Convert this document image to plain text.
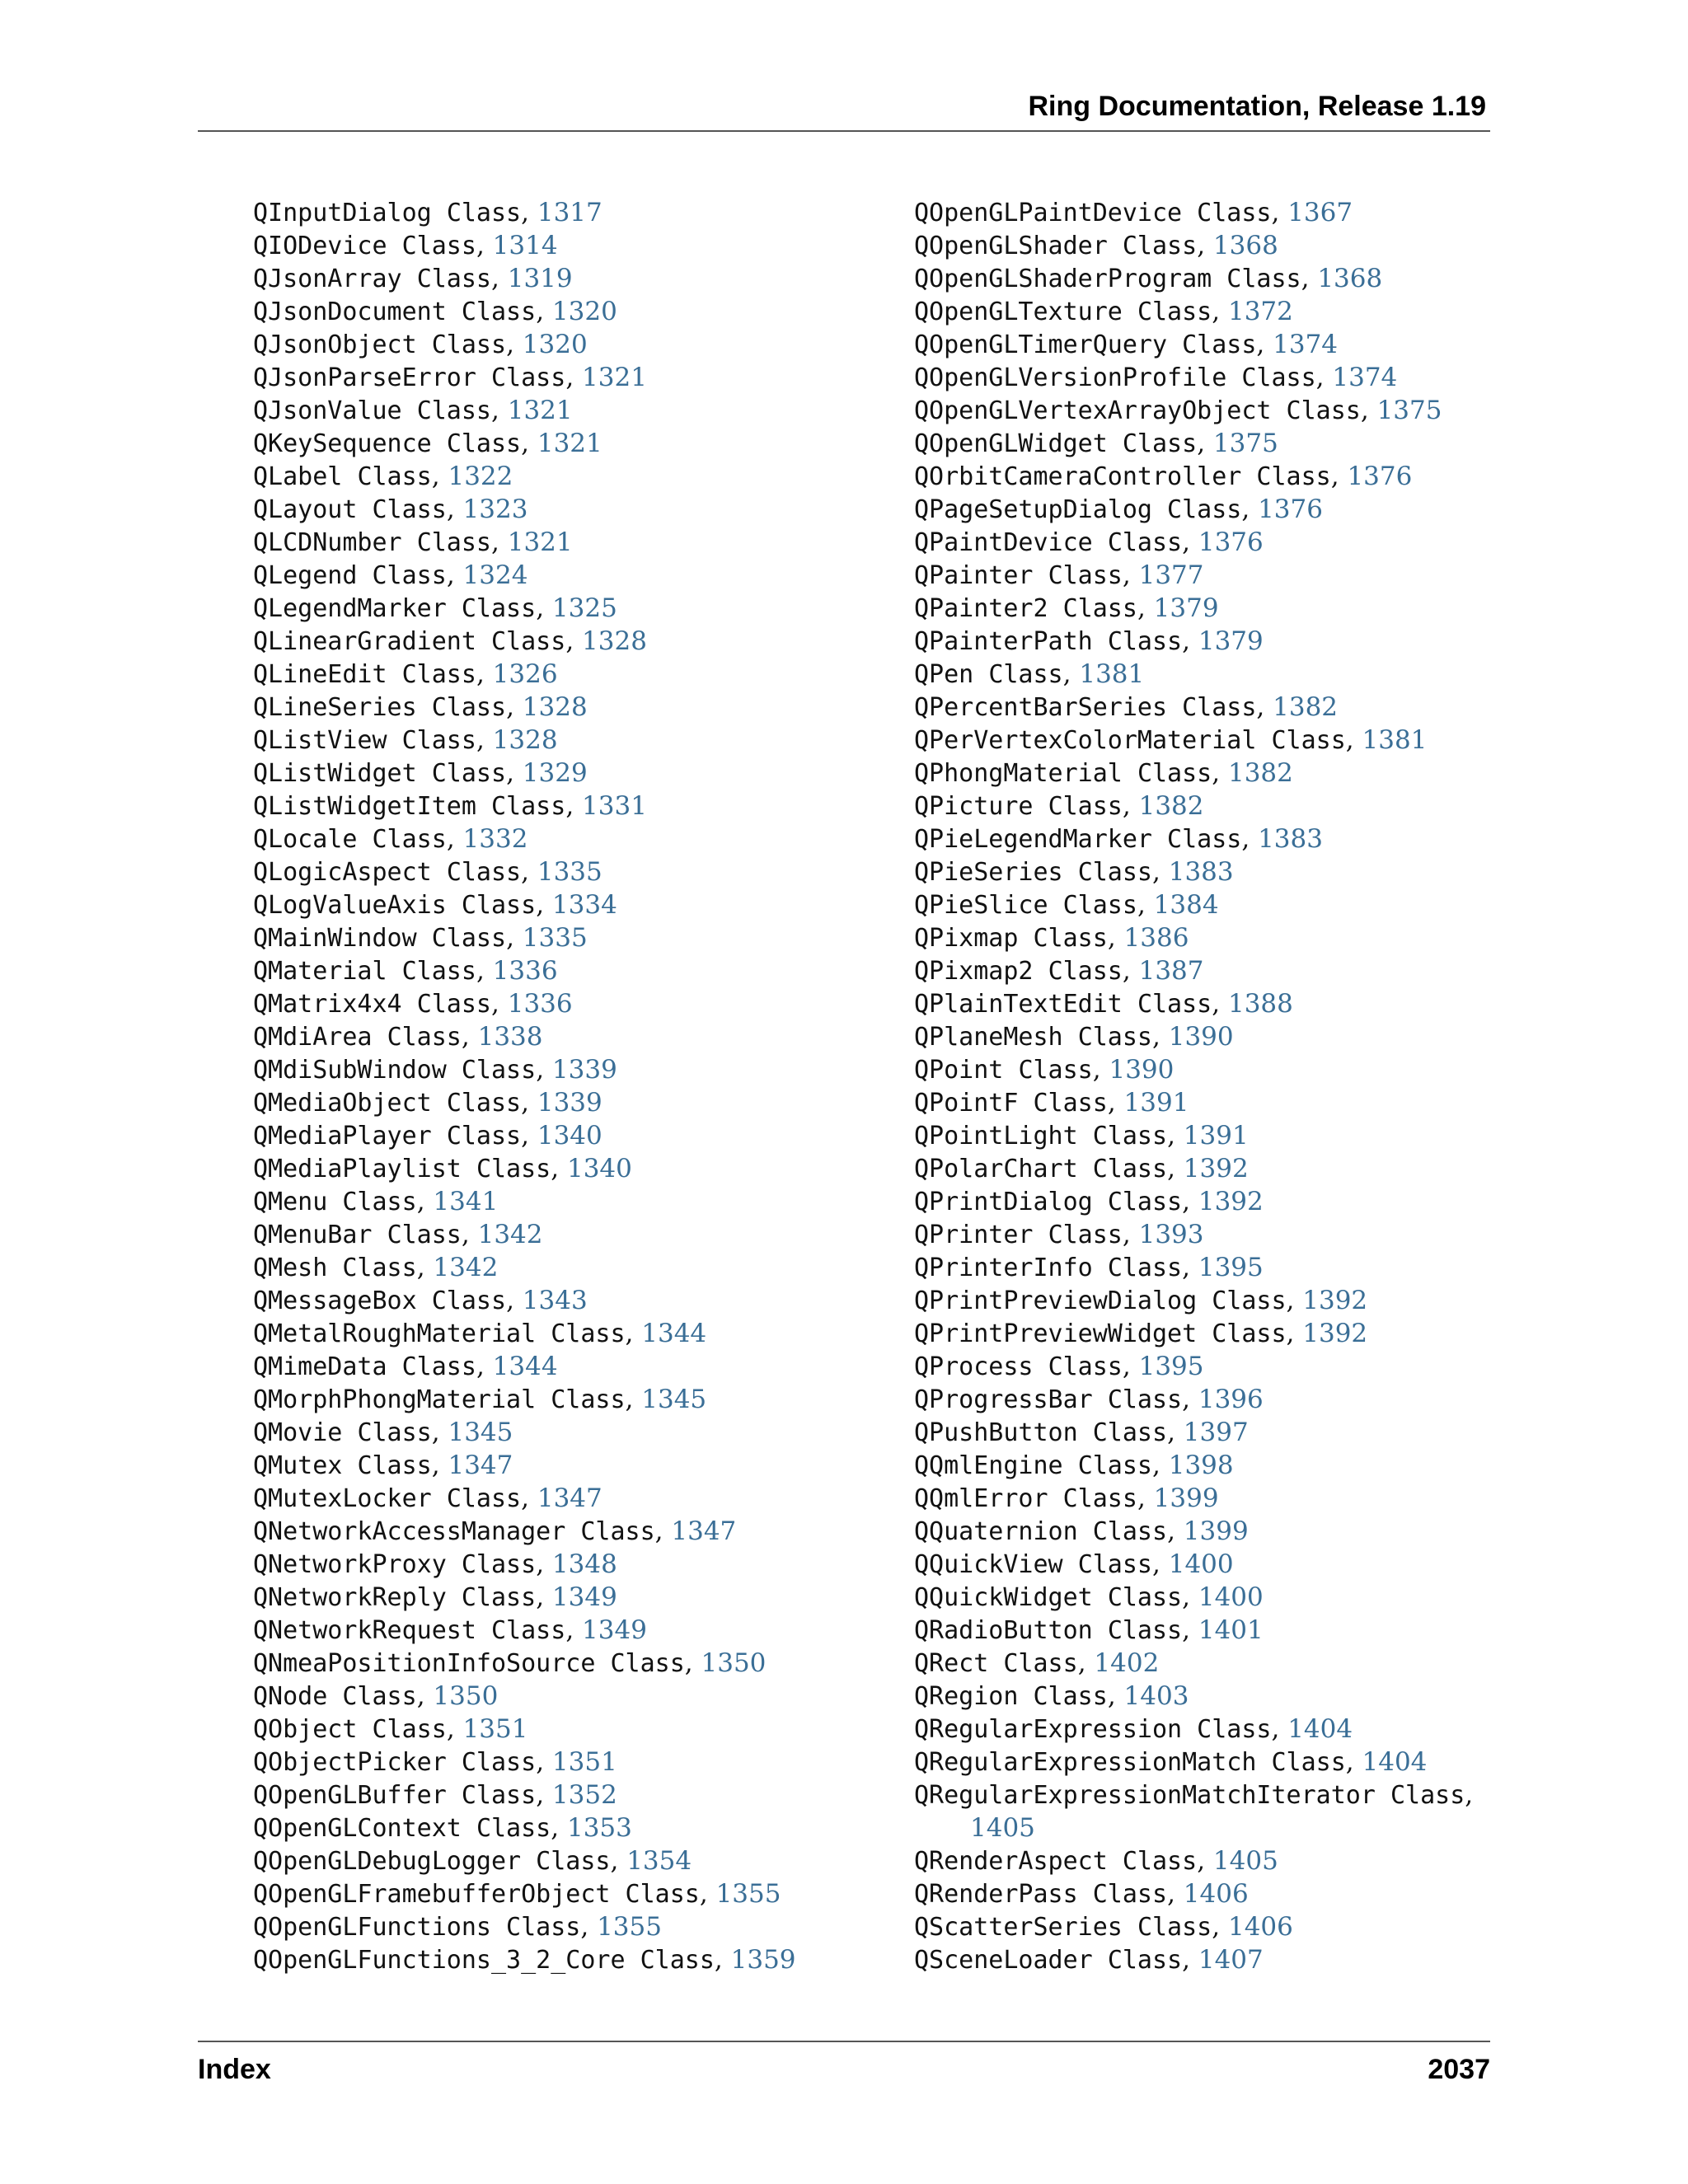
Ring Documentation, Release 1.19
QInputDialog Class, 1317
QIODevice Class, 1314
QJsonArray Class, 1319
QJsonDocument Class, 1320
QJsonObject Class, 1320
QJsonParseError Class, 1321
QJsonValue Class, 1321
QKeySequence Class, 1321
QLabel Class, 1322
QLayout Class, 1323
QLCDNumber Class, 1321
QLegend Class, 1324
QLegendMarker Class, 1325
QLinearGradient Class, 1328
QLineEdit Class, 1326
QLineSeries Class, 1328
QListView Class, 1328
QListWidget Class, 1329
QListWidgetItem Class, 1331
QLocale Class, 1332
QLogicAspect Class, 1335
QLogValueAxis Class, 1334
QMainWindow Class, 1335
QMaterial Class, 1336
QMatrix4x4 Class, 1336
QMdiArea Class, 1338
QMdiSubWindow Class, 1339
QMediaObject Class, 1339
QMediaPlayer Class, 1340
QMediaPlaylist Class, 1340
QMenu Class, 1341
QMenuBar Class, 1342
QMesh Class, 1342
QMessageBox Class, 1343
QMetalRoughMaterial Class, 1344
QMimeData Class, 1344
QMorphPhongMaterial Class, 1345
QMovie Class, 1345
QMutex Class, 1347
QMutexLocker Class, 1347
QNetworkAccessManager Class, 1347
QNetworkProxy Class, 1348
QNetworkReply Class, 1349
QNetworkRequest Class, 1349
QNmeaPositionInfoSource Class, 1350
QNode Class, 1350
QObject Class, 1351
QObjectPicker Class, 1351
QOpenGLBuffer Class, 1352
QOpenGLContext Class, 1353
QOpenGLDebugLogger Class, 1354
QOpenGLFramebufferObject Class, 1355
QOpenGLFunctions Class, 1355
QOpenGLFunctions_3_2_Core Class, 1359
QOpenGLPaintDevice Class, 1367
QOpenGLShader Class, 1368
QOpenGLShaderProgram Class, 1368
QOpenGLTexture Class, 1372
QOpenGLTimerQuery Class, 1374
QOpenGLVersionProfile Class, 1374
QOpenGLVertexArrayObject Class, 1375
QOpenGLWidget Class, 1375
QOrbitCameraController Class, 1376
QPageSetupDialog Class, 1376
QPaintDevice Class, 1376
QPainter Class, 1377
QPainter2 Class, 1379
QPainterPath Class, 1379
QPen Class, 1381
QPercentBarSeries Class, 1382
QPerVertexColorMaterial Class, 1381
QPhongMaterial Class, 1382
QPicture Class, 1382
QPieLegendMarker Class, 1383
QPieSeries Class, 1383
QPieSlice Class, 1384
QPixmap Class, 1386
QPixmap2 Class, 1387
QPlainTextEdit Class, 1388
QPlaneMesh Class, 1390
QPoint Class, 1390
QPointF Class, 1391
QPointLight Class, 1391
QPolarChart Class, 1392
QPrintDialog Class, 1392
QPrinter Class, 1393
QPrinterInfo Class, 1395
QPrintPreviewDialog Class, 1392
QPrintPreviewWidget Class, 1392
QProcess Class, 1395
QProgressBar Class, 1396
QPushButton Class, 1397
QQmlEngine Class, 1398
QQmlError Class, 1399
QQuaternion Class, 1399
QQuickView Class, 1400
QQuickWidget Class, 1400
QRadioButton Class, 1401
QRect Class, 1402
QRegion Class, 1403
QRegularExpression Class, 1404
QRegularExpressionMatch Class, 1404
QRegularExpressionMatchIterator Class,
1405
QRenderAspect Class, 1405
QRenderPass Class, 1406
QScatterSeries Class, 1406
QSceneLoader Class, 1407
Index	2037
